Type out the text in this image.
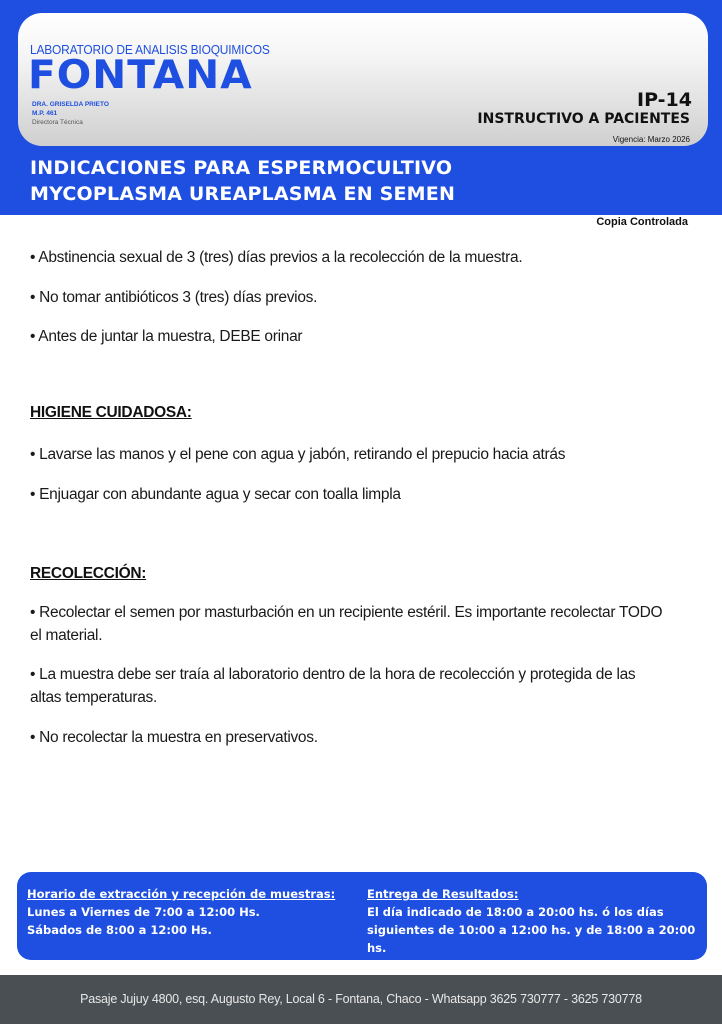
LABORATORIO DE ANALISIS BIOQUIMICOS
FONTANA
DRA. GRISELDA PRIETO
M.P. 461
Directora Técnica
IP-14
INSTRUCTIVO A PACIENTES
Vigencia: Marzo 2026
INDICACIONES PARA ESPERMOCULTIVO
MYCOPLASMA UREAPLASMA EN SEMEN
Copia Controlada
• Abstinencia sexual de 3 (tres) días previos a la recolección de la muestra.
• No tomar antibióticos 3 (tres) días previos.
• Antes de juntar la muestra, DEBE orinar
HIGIENE CUIDADOSA:
• Lavarse las manos y el pene con agua y jabón, retirando el prepucio hacia atrás
• Enjuagar con abundante agua y secar con toalla limpla
RECOLECCIÓN:
• Recolectar el semen por masturbación en un recipiente estéril. Es importante recolectar TODO el material.
• La muestra debe ser traía al laboratorio dentro de la hora de recolección y protegida de las altas temperaturas.
• No recolectar la muestra en preservativos.
Horario de extracción y recepción de muestras:
Lunes a Viernes de 7:00 a 12:00 Hs.
Sábados de 8:00 a 12:00 Hs.
Entrega de Resultados:
El día indicado de 18:00 a 20:00 hs. ó los días
siguientes de 10:00 a 12:00 hs. y de 18:00 a 20:00 hs.
Pasaje Jujuy 4800, esq. Augusto Rey, Local 6 - Fontana, Chaco - Whatsapp 3625 730777 - 3625 730778
